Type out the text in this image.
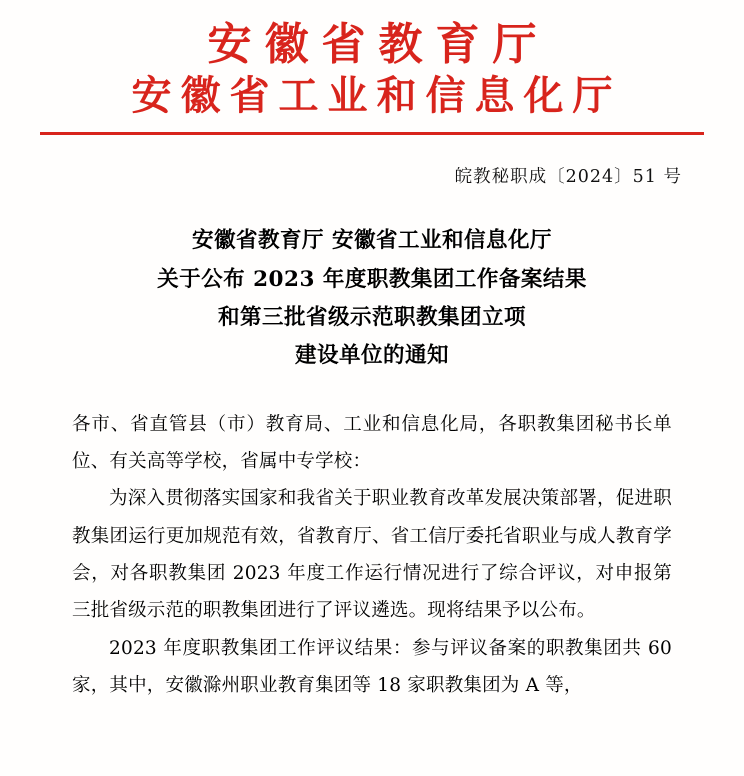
安徽省教育厅
安徽省工业和信息化厅
皖教秘职成〔2024〕51 号
安徽省教育厅 安徽省工业和信息化厅
关于公布 2023 年度职教集团工作备案结果
和第三批省级示范职教集团立项
建设单位的通知

各市、省直管县（市）教育局、工业和信息化局，各职教集团秘书长单位、有关高等学校，省属中专学校：

为深入贯彻落实国家和我省关于职业教育改革发展决策部署，促进职教集团运行更加规范有效，省教育厅、省工信厅委托省职业与成人教育学会，对各职教集团 2023 年度工作运行情况进行了综合评议，对申报第三批省级示范的职教集团进行了评议遴选。现将结果予以公布。

2023 年度职教集团工作评议结果：参与评议备案的职教集团共 60 家，其中，安徽滁州职业教育集团等 18 家职教集团为 A 等，
